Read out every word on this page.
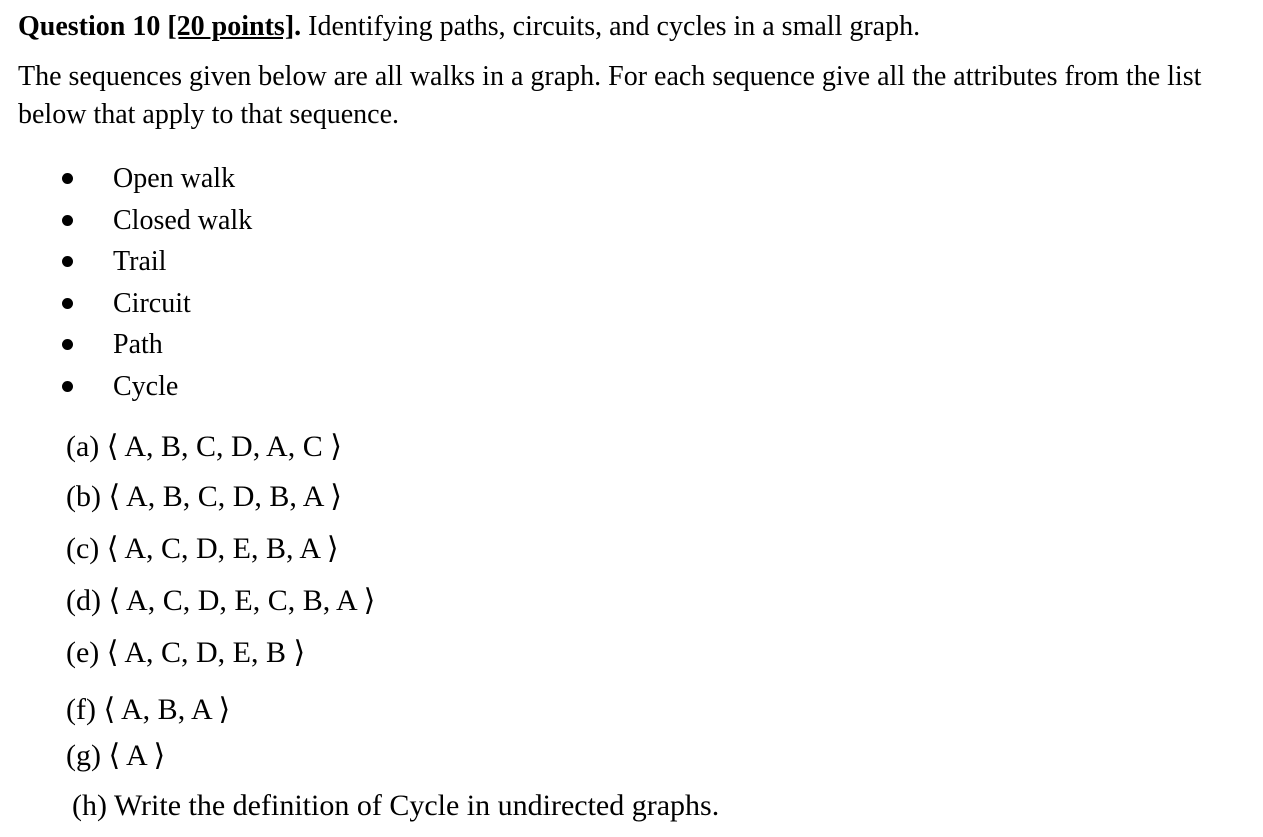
Question 10 [20 points]. Identifying paths, circuits, and cycles in a small graph.
The sequences given below are all walks in a graph. For each sequence give all the attributes from the list below that apply to that sequence.
Open walk
Closed walk
Trail
Circuit
Path
Cycle
(a) ⟨ A, B, C, D, A, C ⟩
(b) ⟨ A, B, C, D, B, A ⟩
(c) ⟨ A, C, D, E, B, A ⟩
(d) ⟨ A, C, D, E, C, B, A ⟩
(e) ⟨ A, C, D, E, B ⟩
(f) ⟨ A, B, A ⟩
(g) ⟨ A ⟩
(h) Write the definition of Cycle in undirected graphs.
